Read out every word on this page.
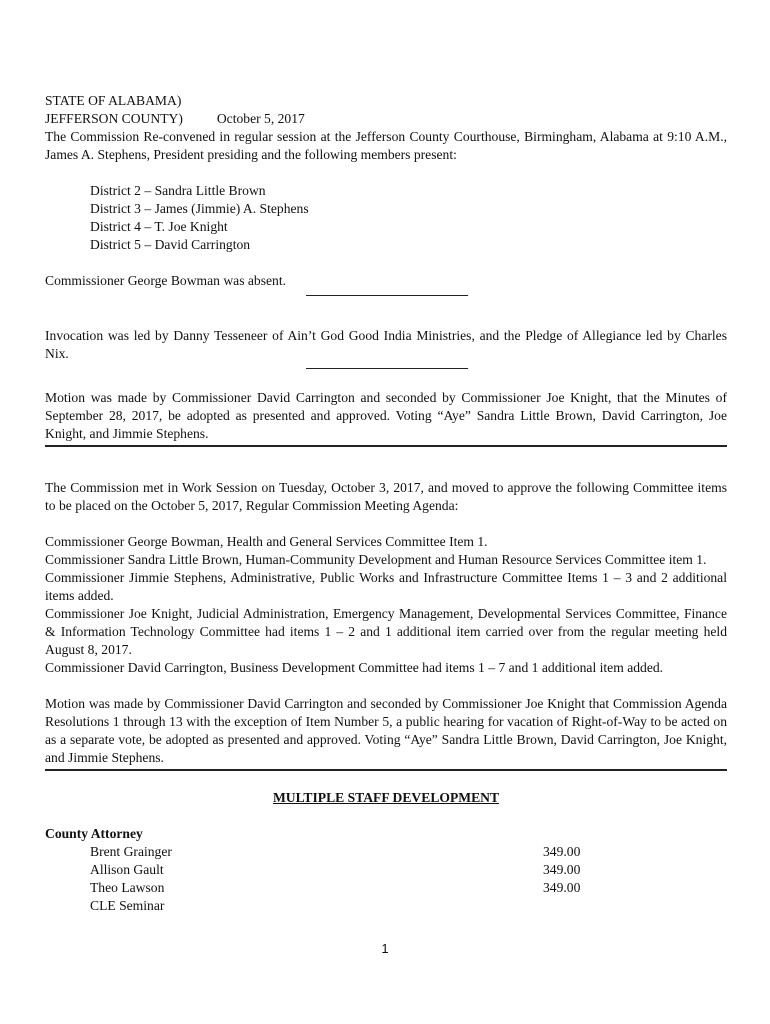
STATE OF ALABAMA)

JEFFERSON COUNTY)	October 5, 2017

The Commission Re-convened in regular session at the Jefferson County Courthouse, Birmingham, Alabama at 9:10 A.M., James A. Stephens, President presiding and the following members present:

District 2 – Sandra Little Brown

District 3 – James (Jimmie) A. Stephens

District 4 – T. Joe Knight

District 5 – David Carrington

Commissioner George Bowman was absent.

Invocation was led by Danny Tesseneer of Ain’t God Good India Ministries, and the Pledge of Allegiance led by Charles Nix.

Motion was made by Commissioner David Carrington and seconded by Commissioner Joe Knight, that the Minutes of September 28, 2017, be adopted as presented and approved. Voting “Aye” Sandra Little Brown, David Carrington, Joe Knight, and Jimmie Stephens.

The Commission met in Work Session on Tuesday, October 3, 2017, and moved to approve the following Committee items to be placed on the October 5, 2017, Regular Commission Meeting Agenda:

Commissioner George Bowman, Health and General Services Committee Item 1.

Commissioner Sandra Little Brown, Human-Community Development and Human Resource Services Committee item 1.

Commissioner Jimmie Stephens, Administrative, Public Works and Infrastructure Committee Items 1 – 3 and 2 additional items added.

Commissioner Joe Knight, Judicial Administration, Emergency Management, Developmental Services Committee, Finance & Information Technology Committee had items 1 – 2 and 1 additional item carried over from the regular meeting held August 8, 2017.

Commissioner David Carrington, Business Development Committee had items 1 – 7 and 1 additional item added.

Motion was made by Commissioner David Carrington and seconded by Commissioner Joe Knight that Commission Agenda Resolutions 1 through 13 with the exception of Item Number 5, a public hearing for vacation of Right-of-Way to be acted on as a separate vote, be adopted as presented and approved. Voting “Aye” Sandra Little Brown, David Carrington, Joe Knight, and Jimmie Stephens.

MULTIPLE STAFF DEVELOPMENT

County Attorney

Brent Grainger	349.00
Allison Gault	349.00
Theo Lawson	349.00
CLE Seminar
1
